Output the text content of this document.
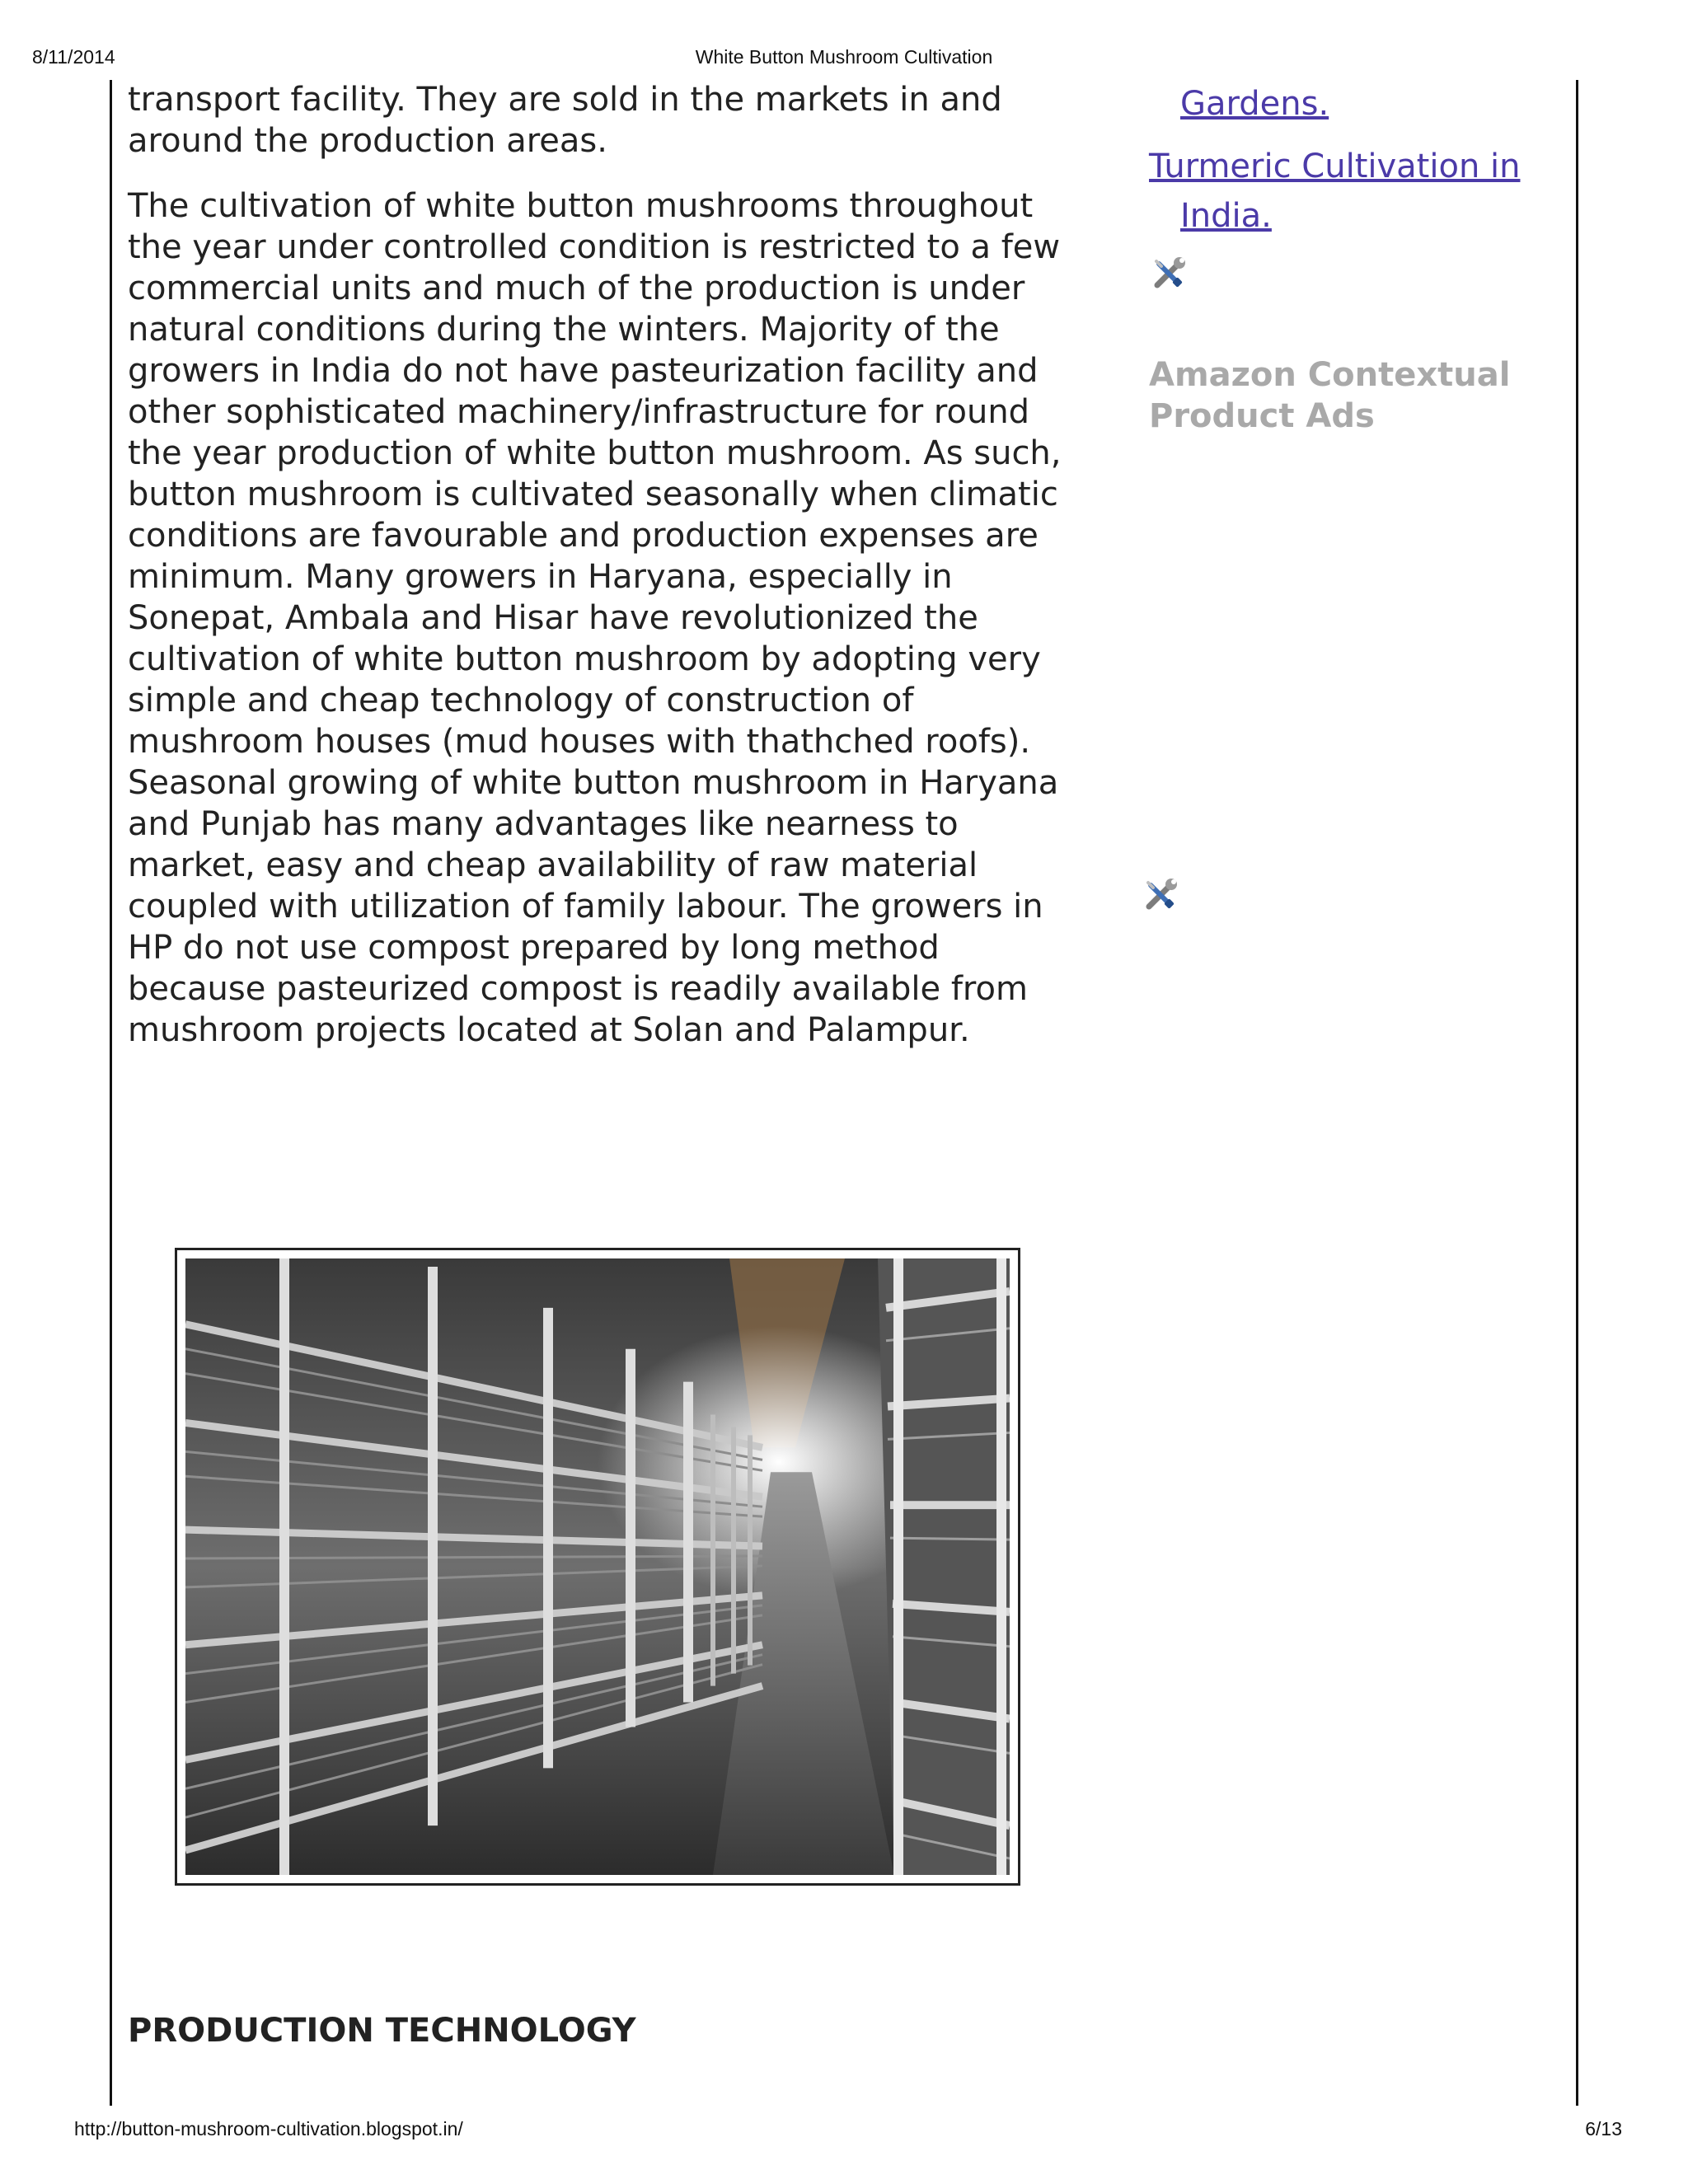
8/11/2014	White Button Mushroom Cultivation

transport facility. They are sold in the markets in and around the production areas.

The cultivation of white button mushrooms throughout the year under controlled condition is restricted to a few commercial units and much of the production is under natural conditions during the winters. Majority of the growers in India do not have pasteurization facility and other sophisticated machinery/infrastructure for round the year production of white button mushroom. As such, button mushroom is cultivated seasonally when climatic conditions are favourable and production expenses are minimum. Many growers in Haryana, especially in Sonepat, Ambala and Hisar have revolutionized the cultivation of white button mushroom by adopting very simple and cheap technology of construction of mushroom houses (mud houses with thathched roofs). Seasonal growing of white button mushroom in Haryana and Punjab has many advantages like nearness to market, easy and cheap availability of raw material coupled with utilization of family labour. The growers in HP do not use compost prepared by long method because pasteurized compost is readily available from mushroom projects located at Solan and Palampur.

PRODUCTION TECHNOLOGY
Gardens.
Turmeric Cultivation in
India.
Amazon Contextual Product Ads
http://button-mushroom-cultivation.blogspot.in/	6/13
